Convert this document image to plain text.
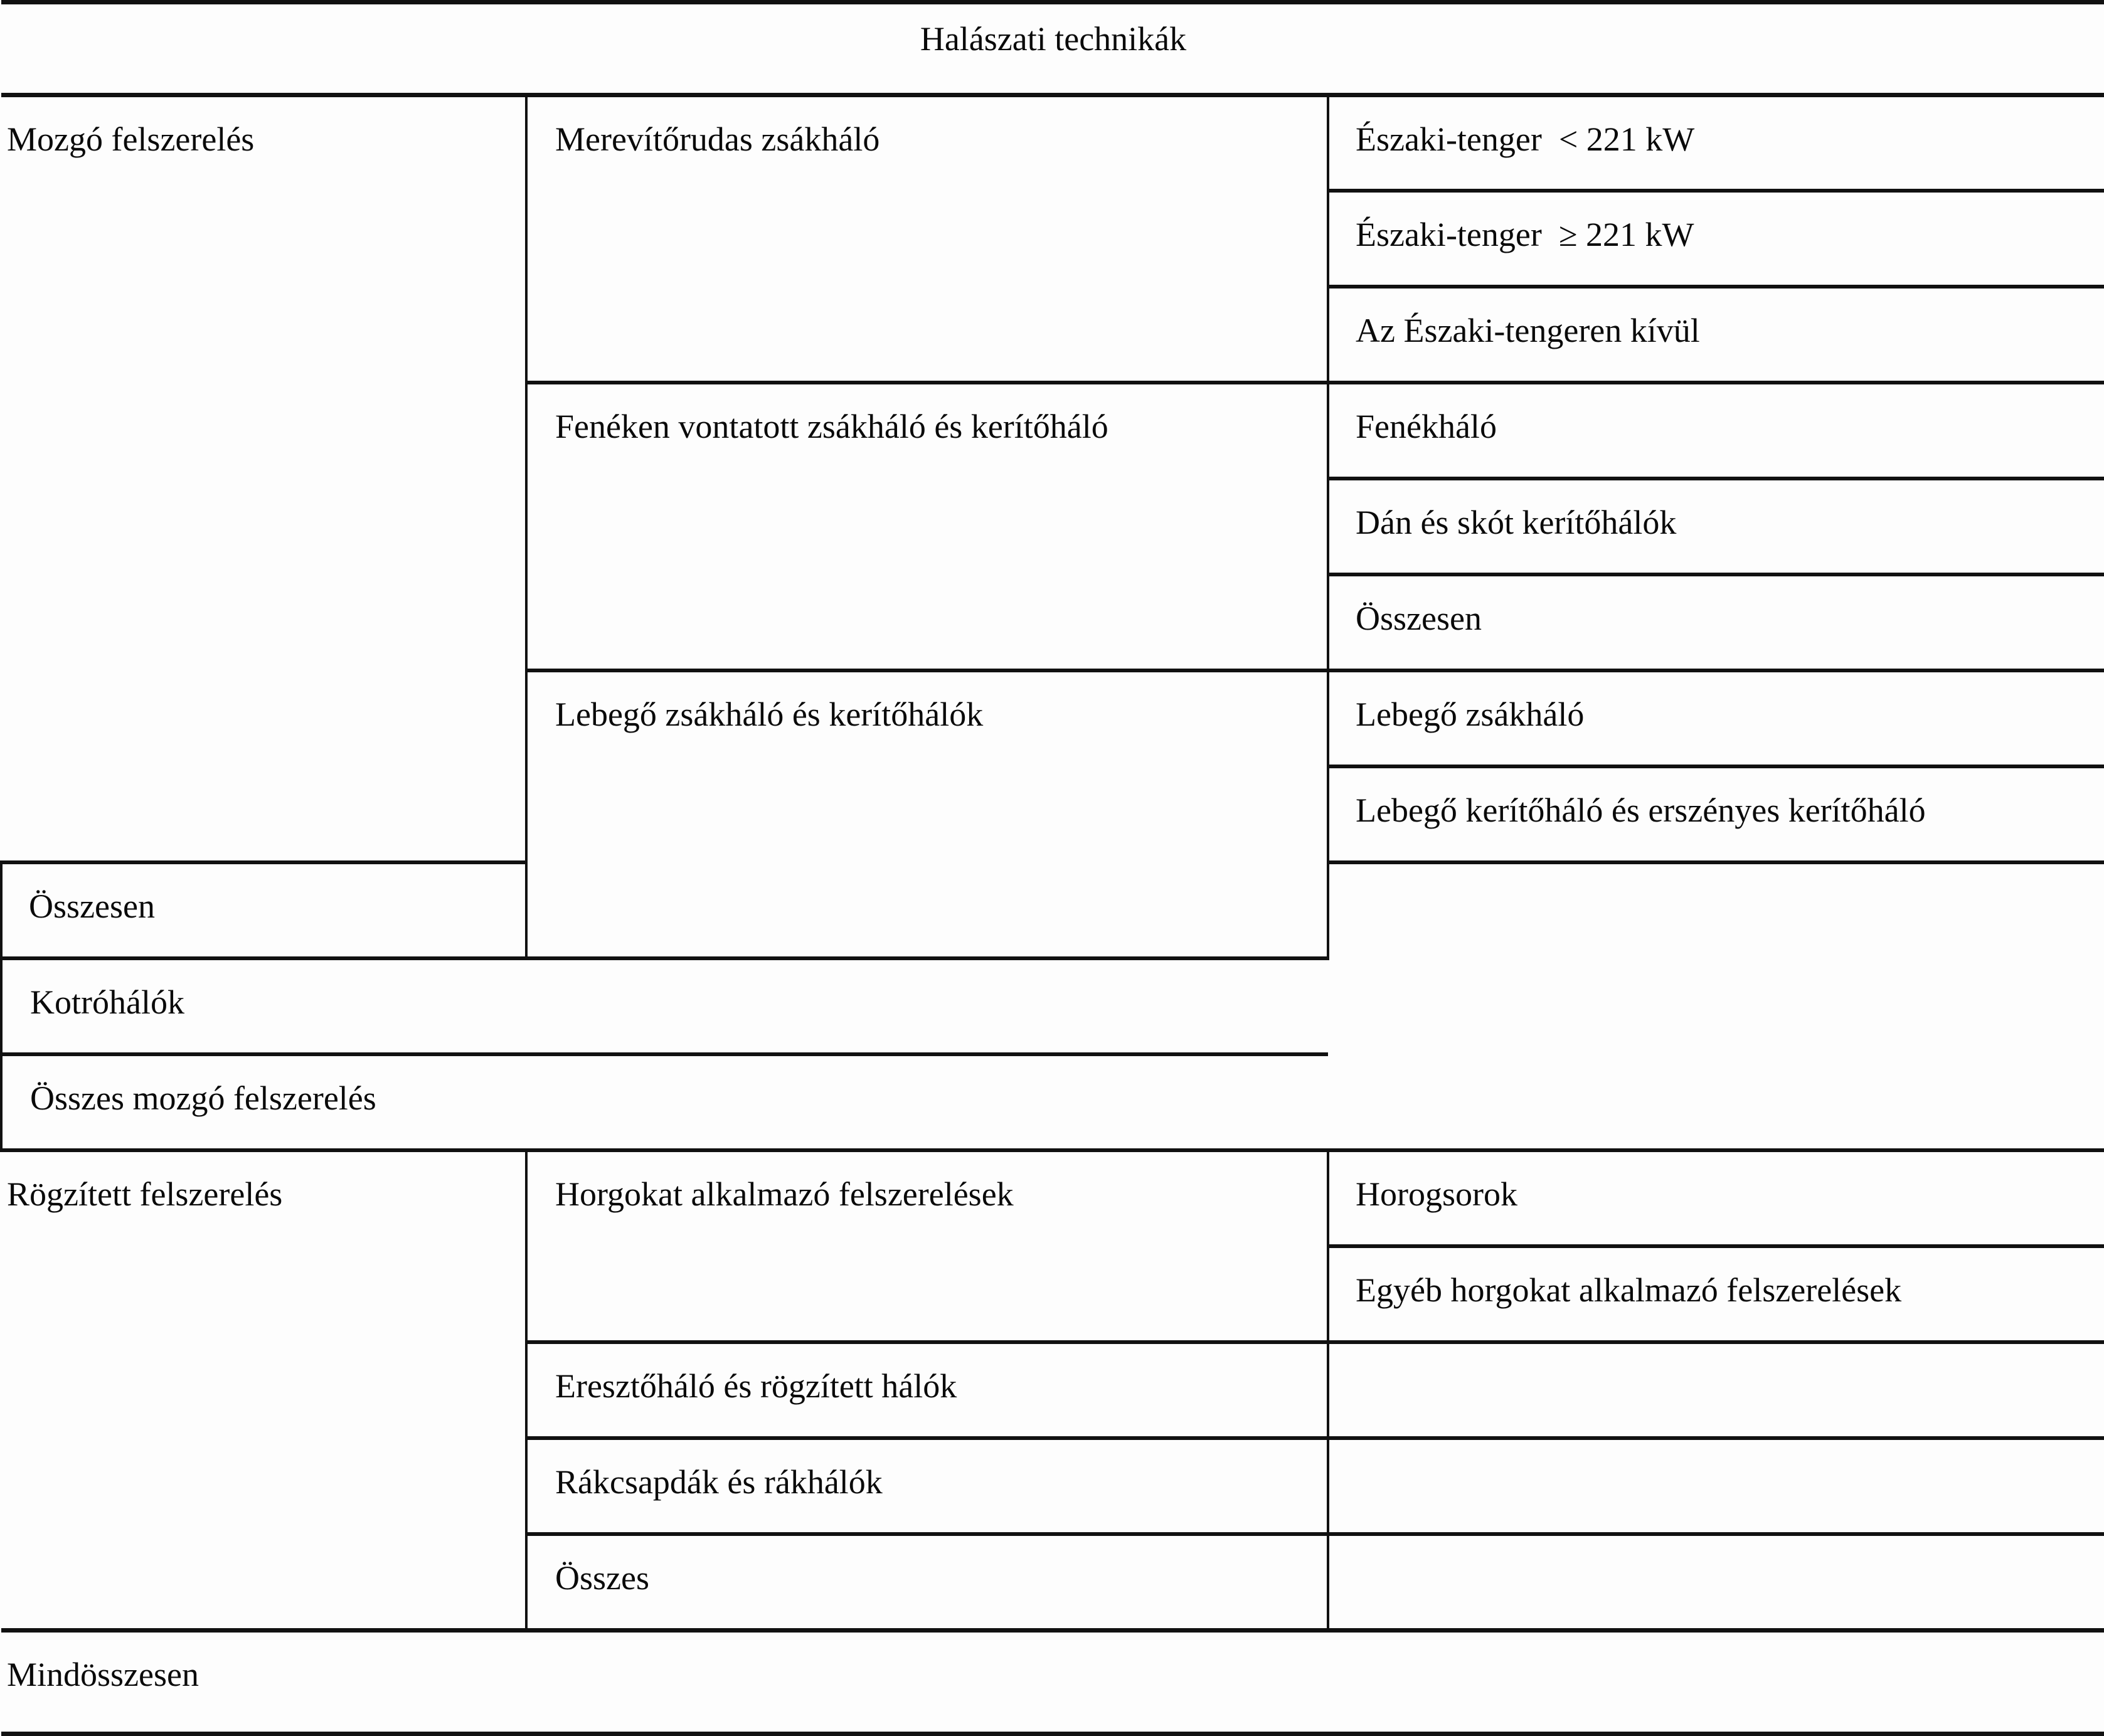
Halászati technikák		
Mozgó felszerelés	Merevítőrudas zsákháló	Északi-tenger  < 221 kW
		Északi-tenger  ≥ 221 kW
		Az Északi-tengeren kívül
	Fenéken vontatott zsákháló és kerítőháló	Fenékháló
		Dán és skót kerítőhálók
		Összesen
	Lebegő zsákháló és kerítőhálók	Lebegő zsákháló
		Lebegő kerítőháló és erszényes kerítőháló
Összesen		
Kotróhálók		
Összes mozgó felszerelés		
Rögzített felszerelés	Horgokat alkalmazó felszerelések	Horogsorok
		Egyéb horgokat alkalmazó felszerelések
	Eresztőháló és rögzített hálók	
	Rákcsapdák és rákhálók	
	Összes	
Mindösszesen		
